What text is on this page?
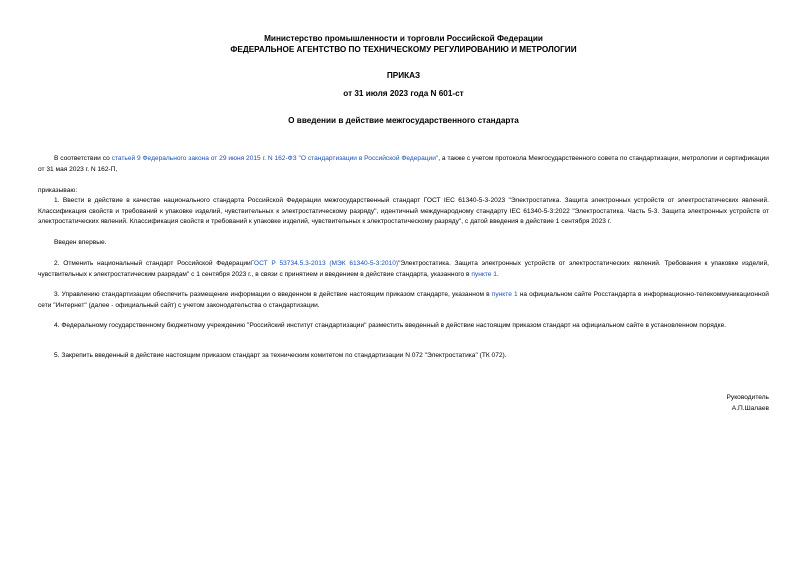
Министерство промышленности и торговли Российской Федерации
ФЕДЕРАЛЬНОЕ АГЕНТСТВО ПО ТЕХНИЧЕСКОМУ РЕГУЛИРОВАНИЮ И МЕТРОЛОГИИ
ПРИКАЗ
от 31 июля 2023 года N 601-ст
О введении в действие межгосударственного стандарта

В соответствии со статьей 9 Федерального закона от 29 июня 2015 г. N 162-ФЗ "О стандартизации в Российской Федерации", а также с учетом протокола Межгосударственного совета по стандартизации, метрологии и сертификации от 31 мая 2023 г. N 162-П,

приказываю:

1. Ввести в действие в качестве национального стандарта Российской Федерации межгосударственный стандарт ГОСТ IEC 61340-5-3-2023 "Электростатика. Защита электронных устройств от электростатических явлений. Классификация свойств и требований к упаковке изделий, чувствительных к электростатическому разряду", идентичный международному стандарту IEC 61340-5-3:2022 "Электростатика. Часть 5-3. Защита электронных устройств от электростатических явлений. Классификация свойств и требований к упаковке изделий, чувствительных к электростатическому разряду", с датой введения в действие 1 сентября 2023 г.

Введен впервые.

2. Отменить национальный стандарт Российской ФедерацииГОСТ Р 53734.5.3-2013 (МЭК 61340-5-3:2010)"Электростатика. Защита электронных устройств от электростатических явлений. Требования к упаковке изделий, чувствительных к электростатическим разрядам" с 1 сентября 2023 г., в связи с принятием и введением в действие стандарта, указанного в пункте 1.

3. Управлению стандартизации обеспечить размещение информации о введенном в действие настоящим приказом стандарте, указанном в пункте 1 на официальном сайте Росстандарта в информационно-телекоммуникационной сети "Интернет" (далее - официальный сайт) с учетом законодательства о стандартизации.

4. Федеральному государственному бюджетному учреждению "Российский институт стандартизации" разместить введенный в действие настоящим приказом стандарт на официальном сайте в установленном порядке.

5. Закрепить введенный в действие настоящим приказом стандарт за техническим комитетом по стандартизации N 072 "Электростатика" (ТК 072).

Руководитель
А.П.Шалаев
